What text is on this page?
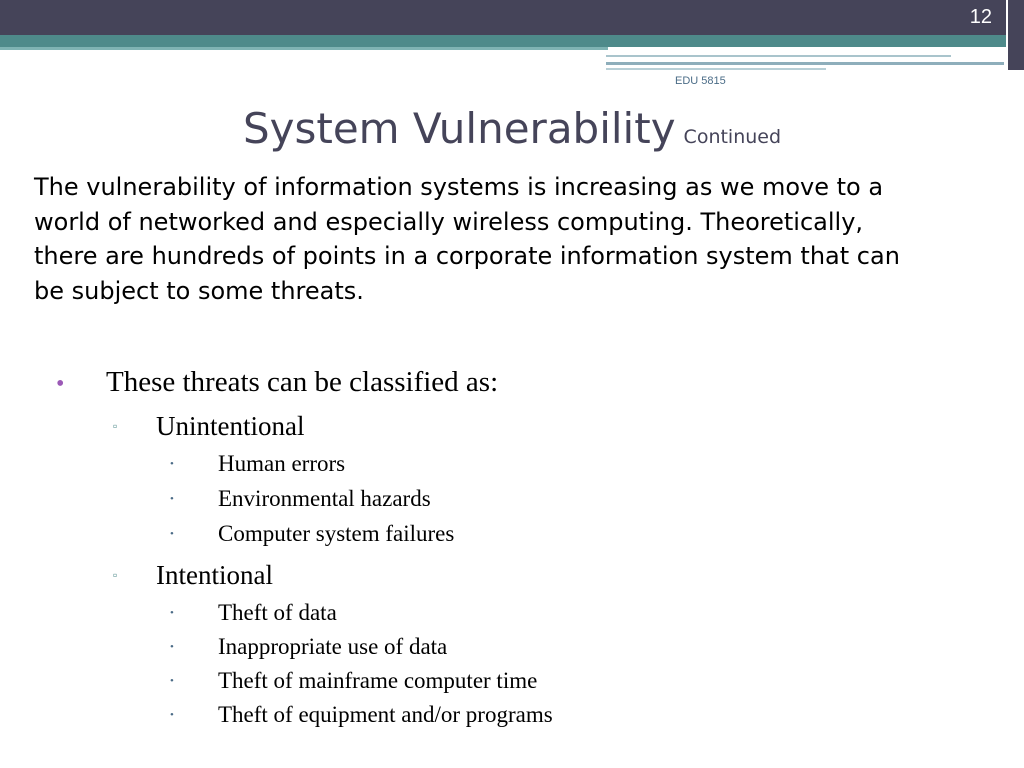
12
EDU 5815
System Vulnerability Continued

The vulnerability of information systems is increasing as we move to a world of networked and especially wireless computing. Theoretically, there are hundreds of points in a corporate information system that can be subject to some threats.

• These threats can be classified as:
▫ Unintentional
• Human errors
• Environmental hazards
• Computer system failures
▫ Intentional
• Theft of data
• Inappropriate use of data
• Theft of mainframe computer time
• Theft of equipment and/or programs
